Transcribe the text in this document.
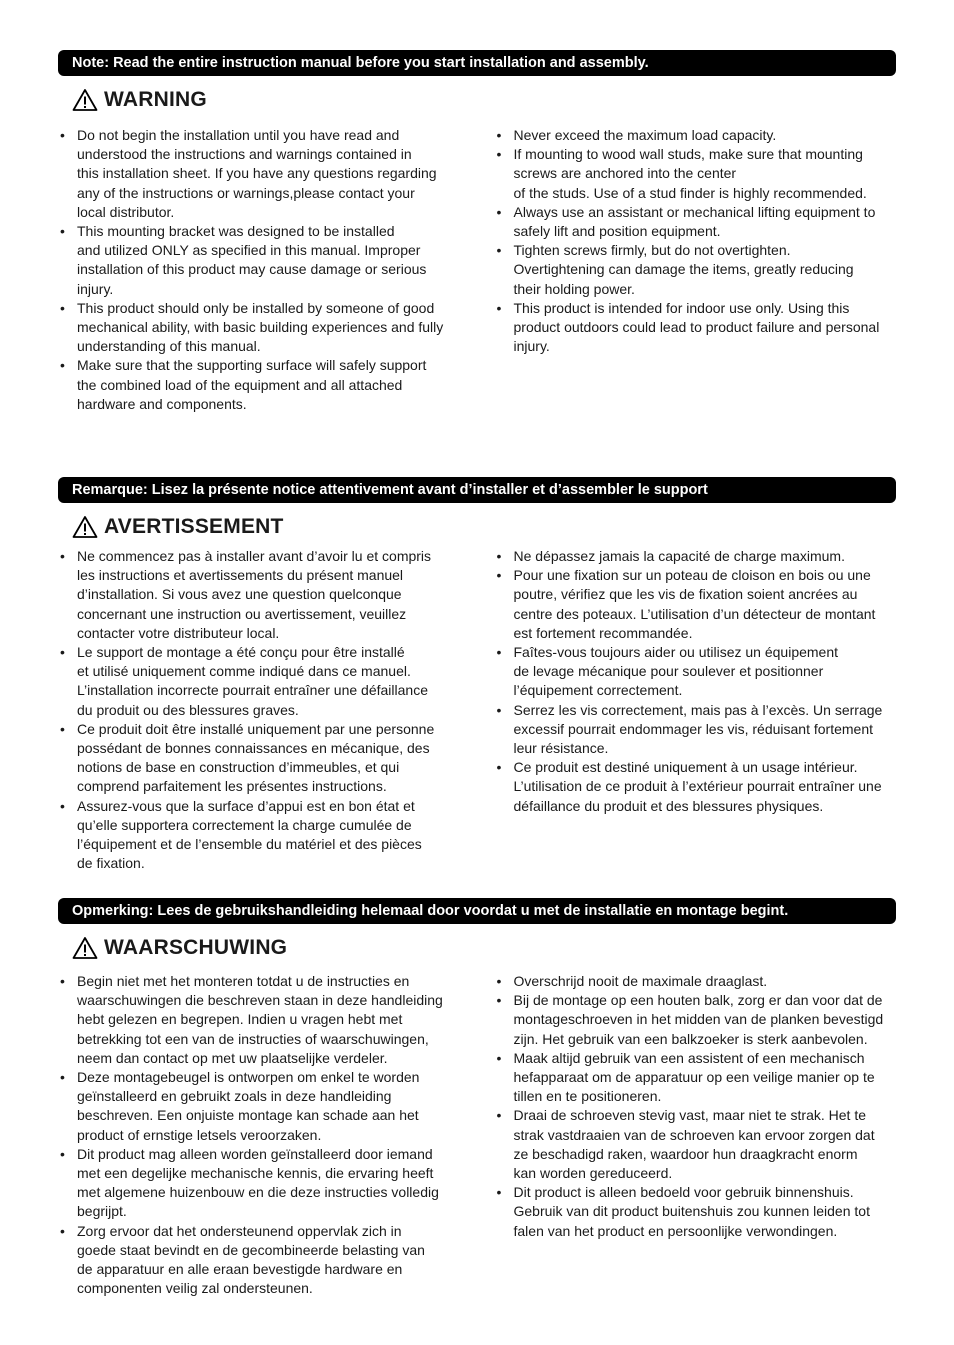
Note: Read the entire instruction manual before you start installation and assembly.
WARNING
• Do not begin the installation until you have read and
understood the instructions and warnings contained in
this installation sheet. If you have any questions regarding
any of the instructions or warnings,please contact your
local distributor.
• This mounting bracket was designed to be installed
and utilized ONLY as specified in this manual. Improper
installation of this product may cause damage or serious
injury.
• This product should only be installed by someone of good
mechanical ability, with basic building experiences and fully
understanding of this manual.
• Make sure that the supporting surface will safely support
the combined load of the equipment and all attached
hardware and components.
• Never exceed the maximum load capacity.
• If mounting to wood wall studs, make sure that mounting
screws are anchored into the center
of the studs. Use of a stud finder is highly recommended.
• Always use an assistant or mechanical lifting equipment to
safely lift and position equipment.
• Tighten screws firmly, but do not overtighten.
Overtightening can damage the items, greatly reducing
their holding power.
• This product is intended for indoor use only. Using this
product outdoors could lead to product failure and personal
injury.
Remarque: Lisez la présente notice attentivement avant d’installer et d’assembler le support
AVERTISSEMENT
• Ne commencez pas à installer avant d’avoir lu et compris
les instructions et avertissements du présent manuel
d’installation. Si vous avez une question quelconque
concernant une instruction ou avertissement, veuillez
contacter votre distributeur local.
• Le support de montage a été conçu pour être installé
et utilisé uniquement comme indiqué dans ce manuel.
L’installation incorrecte pourrait entraîner une défaillance
du produit ou des blessures graves.
• Ce produit doit être installé uniquement par une personne
possédant de bonnes connaissances en mécanique, des
notions de base en construction d’immeubles, et qui
comprend parfaitement les présentes instructions.
• Assurez-vous que la surface d’appui est en bon état et
qu’elle supportera correctement la charge cumulée de
l’équipement et de l’ensemble du matériel et des pièces
de fixation.
• Ne dépassez jamais la capacité de charge maximum.
• Pour une fixation sur un poteau de cloison en bois ou une
poutre, vérifiez que les vis de fixation soient ancrées au
centre des poteaux. L’utilisation d’un détecteur de montant
est fortement recommandée.
• Faîtes-vous toujours aider ou utilisez un équipement
de levage mécanique pour soulever et positionner
l’équipement correctement.
• Serrez les vis correctement, mais pas à l’excès. Un serrage
excessif pourrait endommager les vis, réduisant fortement
leur résistance.
• Ce produit est destiné uniquement à un usage intérieur.
L’utilisation de ce produit à l’extérieur pourrait entraîner une
défaillance du produit et des blessures physiques.
Opmerking: Lees de gebruikshandleiding helemaal door voordat u met de installatie en montage begint.
WAARSCHUWING
• Begin niet met het monteren totdat u de instructies en
waarschuwingen die beschreven staan in deze handleiding
hebt gelezen en begrepen. Indien u vragen hebt met
betrekking tot een van de instructies of waarschuwingen,
neem dan contact op met uw plaatselijke verdeler.
• Deze montagebeugel is ontworpen om enkel te worden
geïnstalleerd en gebruikt zoals in deze handleiding
beschreven. Een onjuiste montage kan schade aan het
product of ernstige letsels veroorzaken.
• Dit product mag alleen worden geïnstalleerd door iemand
met een degelijke mechanische kennis, die ervaring heeft
met algemene huizenbouw en die deze instructies volledig
begrijpt.
• Zorg ervoor dat het ondersteunend oppervlak zich in
goede staat bevindt en de gecombineerde belasting van
de apparatuur en alle eraan bevestigde hardware en
componenten veilig zal ondersteunen.
• Overschrijd nooit de maximale draaglast.
• Bij de montage op een houten balk, zorg er dan voor dat de
montageschroeven in het midden van de planken bevestigd
zijn. Het gebruik van een balkzoeker is sterk aanbevolen.
• Maak altijd gebruik van een assistent of een mechanisch
hefapparaat om de apparatuur op een veilige manier op te
tillen en te positioneren.
• Draai de schroeven stevig vast, maar niet te strak. Het te
strak vastdraaien van de schroeven kan ervoor zorgen dat
ze beschadigd raken, waardoor hun draagkracht enorm
kan worden gereduceerd.
• Dit product is alleen bedoeld voor gebruik binnenshuis.
Gebruik van dit product buitenshuis zou kunnen leiden tot
falen van het product en persoonlijke verwondingen.
